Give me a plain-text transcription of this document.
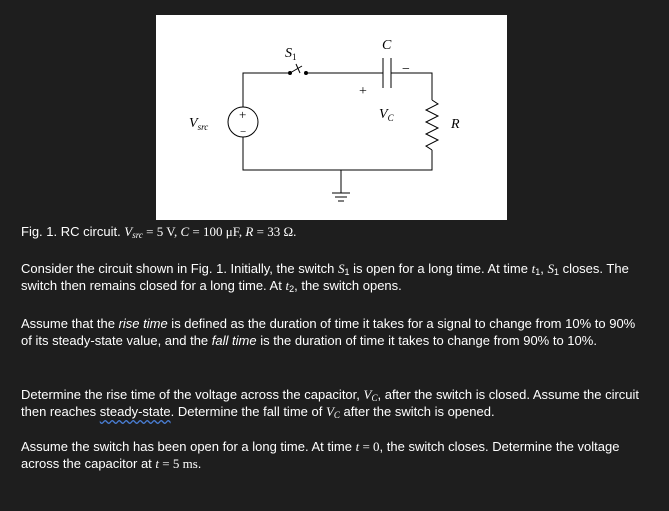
$S_1$
C
+
−
$V_C$	R
$V_{src}$
+
−
Fig. 1. RC circuit. $V_{src} = 5$ V, C = 100 μF, R = 33 Ω.

Consider the circuit shown in Fig. 1. Initially, the switch $S_1$ is open for a long time. At time $t_1$, $S_1$ closes. The switch then remains closed for a long time. At $t_2$, the switch opens.

Assume that the rise time is defined as the duration of time it takes for a signal to change from 10% to 90% of its steady-state value, and the fall time is the duration of time it takes to change from 90% to 10%.

Determine the rise time of the voltage across the capacitor, $V_C$, after the switch is closed. Assume the circuit then reaches steady-state. Determine the fall time of $V_C$ after the switch is opened.

Assume the switch has been open for a long time. At time t = 0, the switch closes. Determine the voltage across the capacitor at t = 5 ms.
